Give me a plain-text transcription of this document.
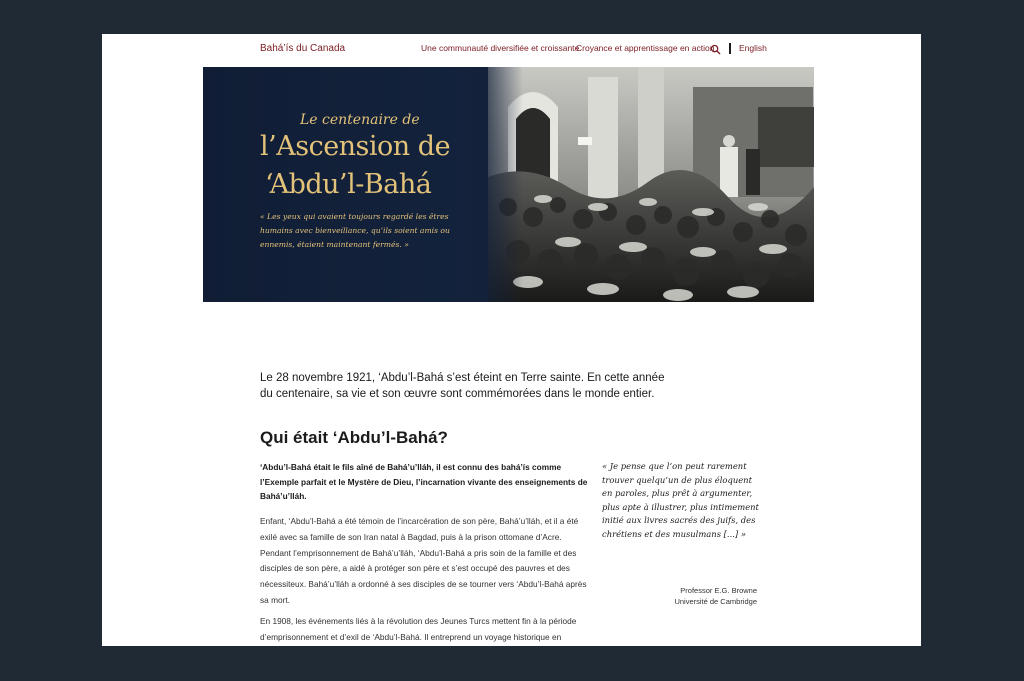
Bahá’ís du Canada	Une communauté diversifiée et croissante
Croyance et apprentissage en action	English
Le centenaire de
l’Ascension de
‘Abdu’l-Bahá
« Les yeux qui avaient toujours regardé les êtres humains avec bienveillance, qu’ils soient amis ou ennemis, étaient maintenant fermés. »

Le 28 novembre 1921, ‘Abdu’l-Bahá s’est éteint en Terre sainte. En cette année du centenaire, sa vie et son œuvre sont commémorées dans le monde entier.

Qui était ‘Abdu’l-Bahá?

‘Abdu’l-Bahá était le fils aîné de Bahá’u’lláh, il est connu des bahá’ís comme l’Exemple parfait et le Mystère de Dieu, l’incarnation vivante des enseignements de Bahá’u’lláh.

Enfant, ‘Abdu’l-Bahá a été témoin de l’incarcération de son père, Bahá’u’lláh, et il a été exilé avec sa famille de son Iran natal à Bagdad, puis à la prison ottomane d’Acre. Pendant l’emprisonnement de Bahá’u’lláh, ‘Abdu’l-Bahá a pris soin de la famille et des disciples de son père, a aidé à protéger son père et s’est occupé des pauvres et des nécessiteux. Bahá’u’lláh a ordonné à ses disciples de se tourner vers ‘Abdu’l-Bahá après sa mort.

En 1908, les événements liés à la révolution des Jeunes Turcs mettent fin à la période d’emprisonnement et d’exil de ‘Abdu’l-Bahá. Il entreprend un voyage historique en

« Je pense que l’on peut rarement trouver quelqu’un de plus éloquent en paroles, plus prêt à argumenter, plus apte à illustrer, plus intimement initié aux livres sacrés des juifs, des chrétiens et des musulmans [...] »
Professor E.G. Browne
Université de Cambridge
